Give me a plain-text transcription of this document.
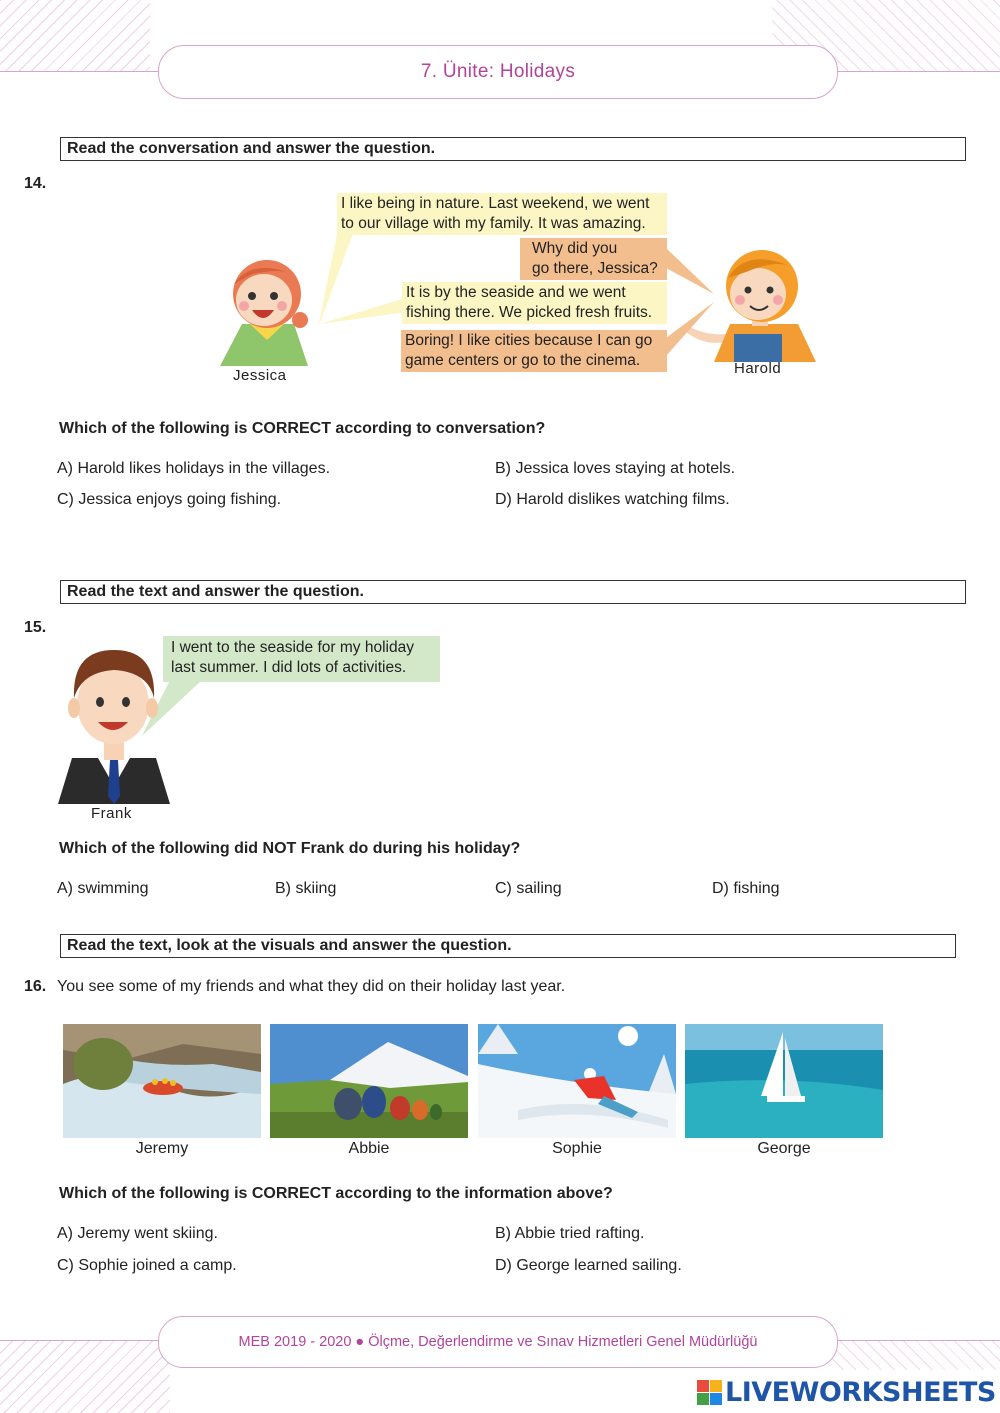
7. Ünite: Holidays
Read the conversation and answer the question.
14.
Jessica	Harold
I like being in nature. Last weekend, we went
to our village with my family. It was amazing.
Why did you
go there, Jessica?
It is by the seaside and we went
fishing there. We picked fresh fruits.
Boring! I like cities because I can go
game centers or go to the cinema.
Which of the following is CORRECT according to conversation?
A) Harold likes holidays in the villages.	B) Jessica loves staying at hotels.
C) Jessica enjoys going fishing.	D) Harold dislikes watching films.
Read the text and answer the question.
15.
I went to the seaside for my holiday
last summer. I did lots of activities.
Frank
Which of the following did NOT Frank do during his holiday?
A) swimming	B) skiing	C) sailing	D) fishing
Read the text, look at the visuals and answer the question.
16. You see some of my friends and what they did on their holiday last year.
Jeremy	Abbie	Sophie	George
Which of the following is CORRECT according to the information above?
A) Jeremy went skiing.	B) Abbie tried rafting.
C) Sophie joined a camp.	D) George learned sailing.
MEB 2019 - 2020 ● Ölçme, Değerlendirme ve Sınav Hizmetleri Genel Müdürlüğü
LIVEWORKSHEETS
